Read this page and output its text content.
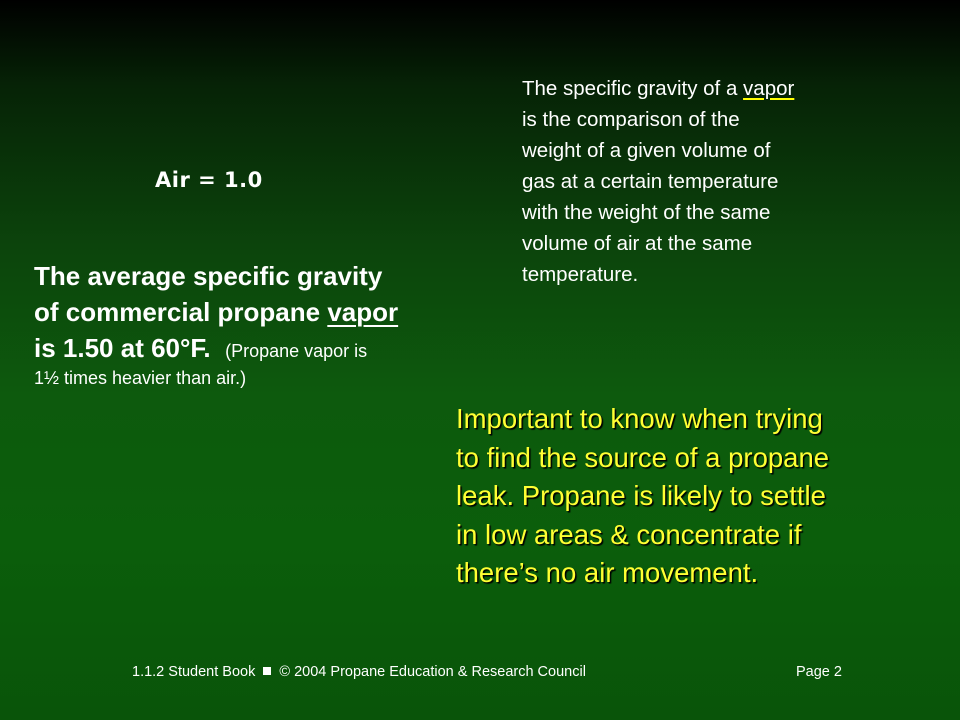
Air = 1.0
The specific gravity of a vapor
is the comparison of the
weight of a given volume of
gas at a certain temperature
with the weight of the same
volume of air at the same
temperature.
The average specific gravity
of commercial propane vapor
is 1.50 at 60°F. (Propane vapor is
1½ times heavier than air.)
Important to know when trying
to find the source of a propane
leak. Propane is likely to settle
in low areas & concentrate if
there’s no air movement.
1.1.2 Student Book © 2004 Propane Education & Research Council	Page 2
